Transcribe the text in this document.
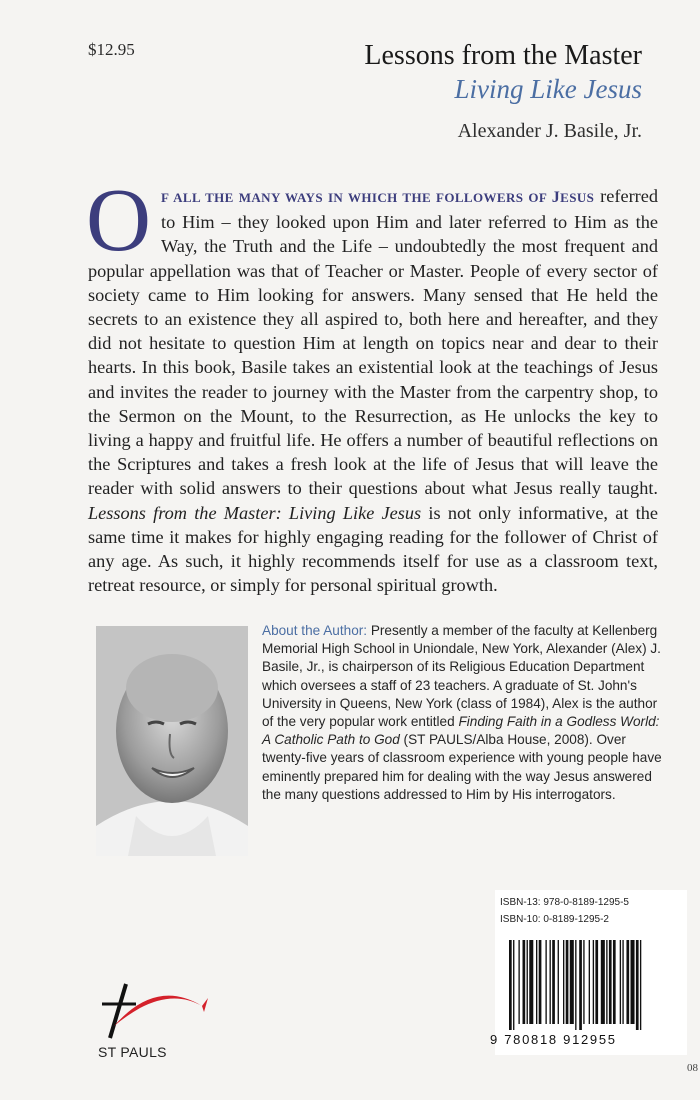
$12.95	Lessons from the Master
Living Like Jesus
Alexander J. Basile, Jr.

O F ALL THE MANY WAYS IN WHICH THE FOLLOWERS OF JESUS referred to Him – they looked upon Him and later referred to Him as the Way, the Truth and the Life – undoubtedly the most frequent and popular appellation was that of Teacher or Master. People of every sector of society came to Him looking for answers. Many sensed that He held the secrets to an existence they all aspired to, both here and hereafter, and they did not hesitate to question Him at length on topics near and dear to their hearts. In this book, Basile takes an existential look at the teachings of Jesus and invites the reader to journey with the Master from the carpentry shop, to the Sermon on the Mount, to the Resurrection, as He unlocks the key to living a happy and fruitful life. He offers a number of beautiful reflections on the Scriptures and takes a fresh look at the life of Jesus that will leave the reader with solid answers to their questions about what Jesus really taught. Lessons from the Master: Living Like Jesus is not only informative, at the same time it makes for highly engaging reading for the follower of Christ of any age. As such, it highly recommends itself for use as a classroom text, retreat resource, or simply for personal spiritual growth.

About the Author: Presently a member of the faculty at Kellenberg Memorial High School in Uniondale, New York, Alexander (Alex) J. Basile, Jr., is chairperson of its Religious Education Department which oversees a staff of 23 teachers. A graduate of St. John's University in Queens, New York (class of 1984), Alex is the author of the very popular work entitled Finding Faith in a Godless World: A Catholic Path to God (ST PAULS/Alba House, 2008). Over twenty-five years of classroom experience with young people have eminently prepared him for dealing with the way Jesus answered the many questions addressed to Him by His interrogators.

ISBN-13: 978-0-8189-1295-5
ISBN-10: 0-8189-1295-2
9 780818 912955
ST PAULS
08
